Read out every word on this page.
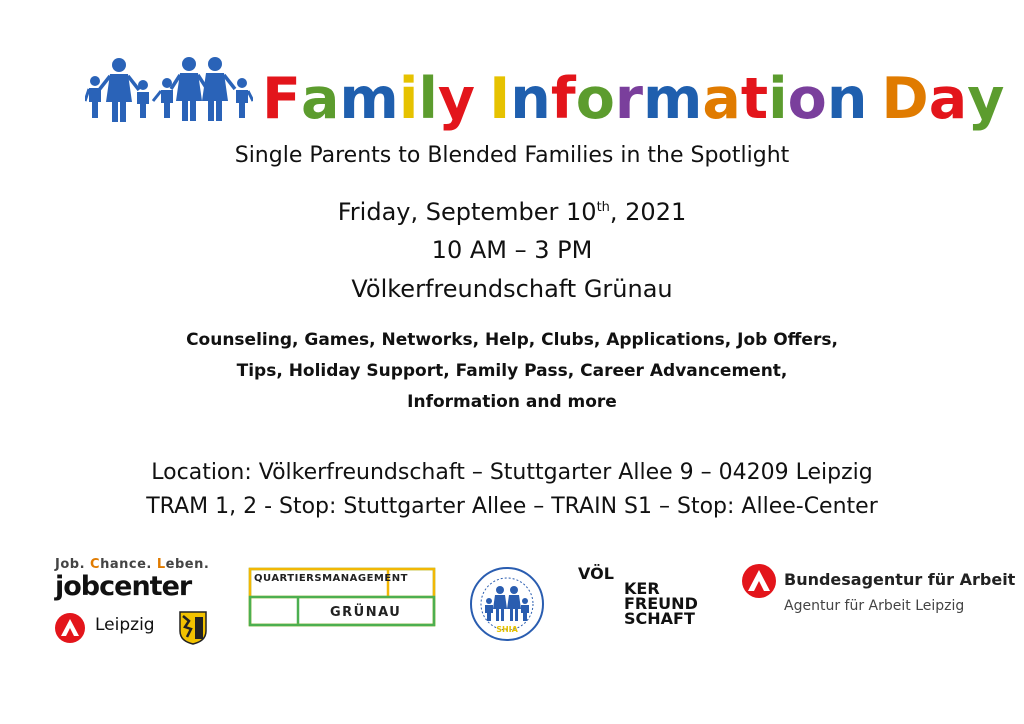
Family Information Day
Single Parents to Blended Families in the Spotlight
Friday, September 10th, 2021
10 AM – 3 PM
Völkerfreundschaft Grünau
Counseling, Games, Networks, Help, Clubs, Applications, Job Offers,
Tips, Holiday Support, Family Pass, Career Advancement,
Information and more
Location: Völkerfreundschaft – Stuttgarter Allee 9 – 04209 Leipzig
TRAM 1, 2 - Stop: Stuttgarter Allee – TRAIN S1 – Stop: Allee-Center
Job. Chance. Leben.
jobcenter
Leipzig
QUARTIERSMANAGEMENT
GRÜNAU
SHIA
VÖL
KER
FREUND
SCHAFT
Bundesagentur für Arbeit
Agentur für Arbeit Leipzig
